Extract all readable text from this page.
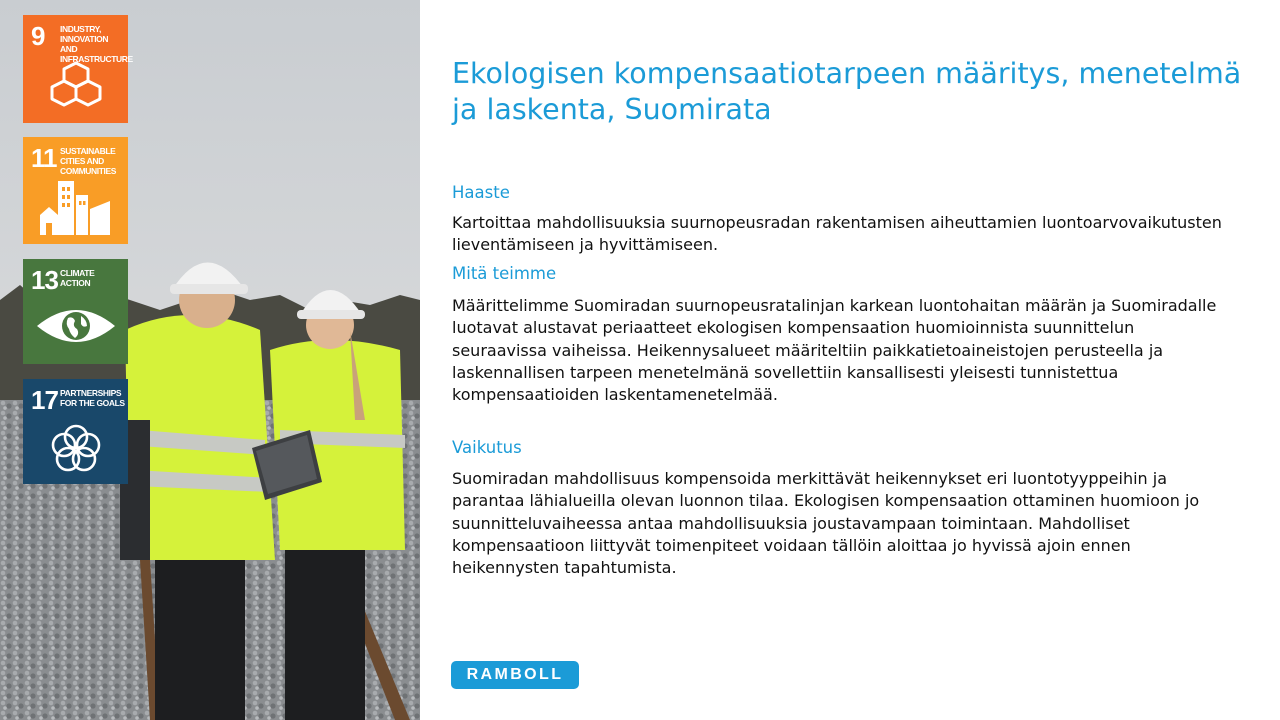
9 INDUSTRY, INNOVATION AND INFRASTRUCTURE
11 SUSTAINABLE CITIES AND COMMUNITIES
13 CLIMATE ACTION
17 PARTNERSHIPS FOR THE GOALS
Ekologisen kompensaatiotarpeen määritys, menetelmä ja laskenta, Suomirata
Haaste

Kartoittaa mahdollisuuksia suurnopeusradan rakentamisen aiheuttamien luontoarvovaikutusten lieventämiseen ja hyvittämiseen.

Mitä teimme

Määrittelimme Suomiradan suurnopeusratalinjan karkean luontohaitan määrän ja Suomiradalle luotavat alustavat periaatteet ekologisen kompensaation huomioinnista suunnittelun seuraavissa vaiheissa. Heikennysalueet määriteltiin paikkatietoaineistojen perusteella ja laskennallisen tarpeen menetelmänä sovellettiin kansallisesti yleisesti tunnistettua kompensaatioiden laskentamenetelmää.

Vaikutus

Suomiradan mahdollisuus kompensoida merkittävät heikennykset eri luontotyyppeihin ja parantaa lähialueilla olevan luonnon tilaa. Ekologisen kompensaation ottaminen huomioon jo suunnitteluvaiheessa antaa mahdollisuuksia joustavampaan toimintaan. Mahdolliset kompensaatioon liittyvät toimenpiteet voidaan tällöin aloittaa jo hyvissä ajoin ennen heikennysten tapahtumista.

RAMBOLL
